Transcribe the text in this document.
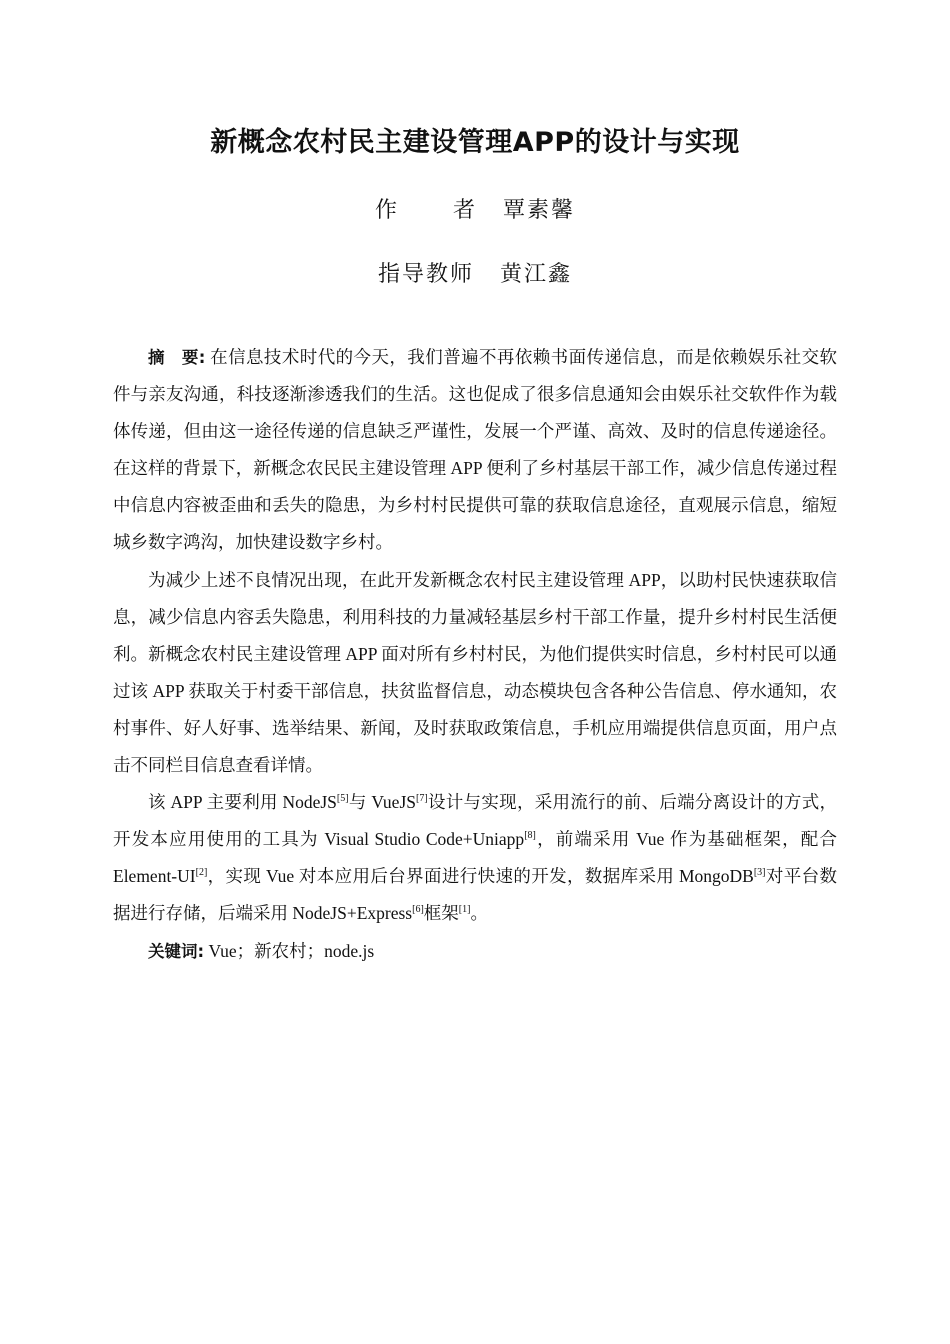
新概念农村民主建设管理APP的设计与实现
作 者 覃素馨
指导教师 黄江鑫

摘　要: 在信息技术时代的今天，我们普遍不再依赖书面传递信息，而是依赖娱乐社交软件与亲友沟通，科技逐渐渗透我们的生活。这也促成了很多信息通知会由娱乐社交软件作为载体传递，但由这一途径传递的信息缺乏严谨性，发展一个严谨、高效、及时的信息传递途径。在这样的背景下，新概念农民民主建设管理 APP 便利了乡村基层干部工作，减少信息传递过程中信息内容被歪曲和丢失的隐患，为乡村村民提供可靠的获取信息途径，直观展示信息，缩短城乡数字鸿沟，加快建设数字乡村。

为减少上述不良情况出现，在此开发新概念农村民主建设管理 APP，以助村民快速获取信息，减少信息内容丢失隐患，利用科技的力量减轻基层乡村干部工作量，提升乡村村民生活便利。新概念农村民主建设管理 APP 面对所有乡村村民，为他们提供实时信息，乡村村民可以通过该 APP 获取关于村委干部信息，扶贫监督信息，动态模块包含各种公告信息、停水通知，农村事件、好人好事、选举结果、新闻，及时获取政策信息，手机应用端提供信息页面，用户点击不同栏目信息查看详情。

该 APP 主要利用 NodeJS[5]与 VueJS[7]设计与实现，采用流行的前、后端分离设计的方式，开发本应用使用的工具为 Visual Studio Code+Uniapp[8]，前端采用 Vue 作为基础框架，配合 Element-UI[2]，实现 Vue 对本应用后台界面进行快速的开发，数据库采用 MongoDB[3]对平台数据进行存储，后端采用 NodeJS+Express[6]框架[1]。

关键词: Vue；新农村；node.js
